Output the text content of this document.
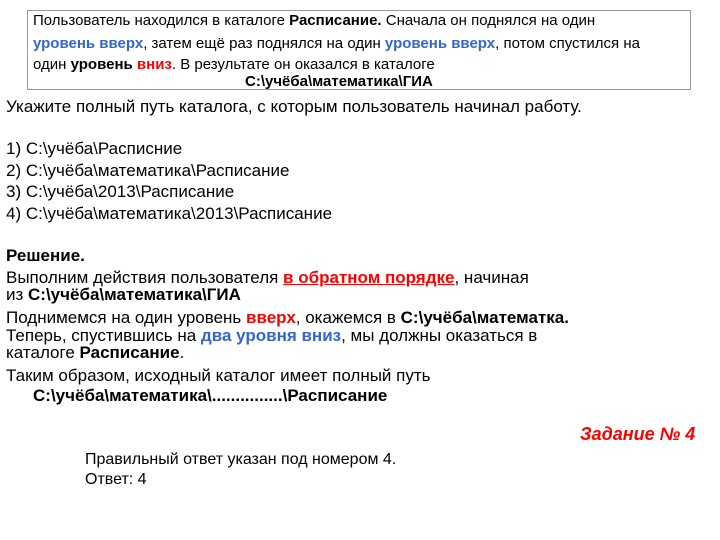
Пользователь находился в каталоге Расписание. Сначала он поднялся на один
уровень вверх, затем ещё раз поднялся на один уровень вверх, потом спустился на
один уровень вниз. В результате он оказался в каталоге
С:\учёба\математика\ГИА
Укажите полный путь каталога, с которым пользователь начинал работу.
1) С:\учёба\Расписние
2) С:\учёба\математика\Расписание
3) С:\учёба\2013\Расписание
4) С:\учёба\математика\2013\Расписание
Решение.
Выполним действия пользователя в обратном порядке, начиная
из С:\учёба\математика\ГИА
Поднимемся на один уровень вверх, окажемся в С:\учёба\математка.
Теперь, спустившись на два уровня вниз, мы должны оказаться в
каталоге Расписание.
Таким образом, исходный каталог имеет полный путь
С:\учёба\математика\...............\Расписание
Задание № 4
Правильный ответ указан под номером 4.
Ответ: 4
